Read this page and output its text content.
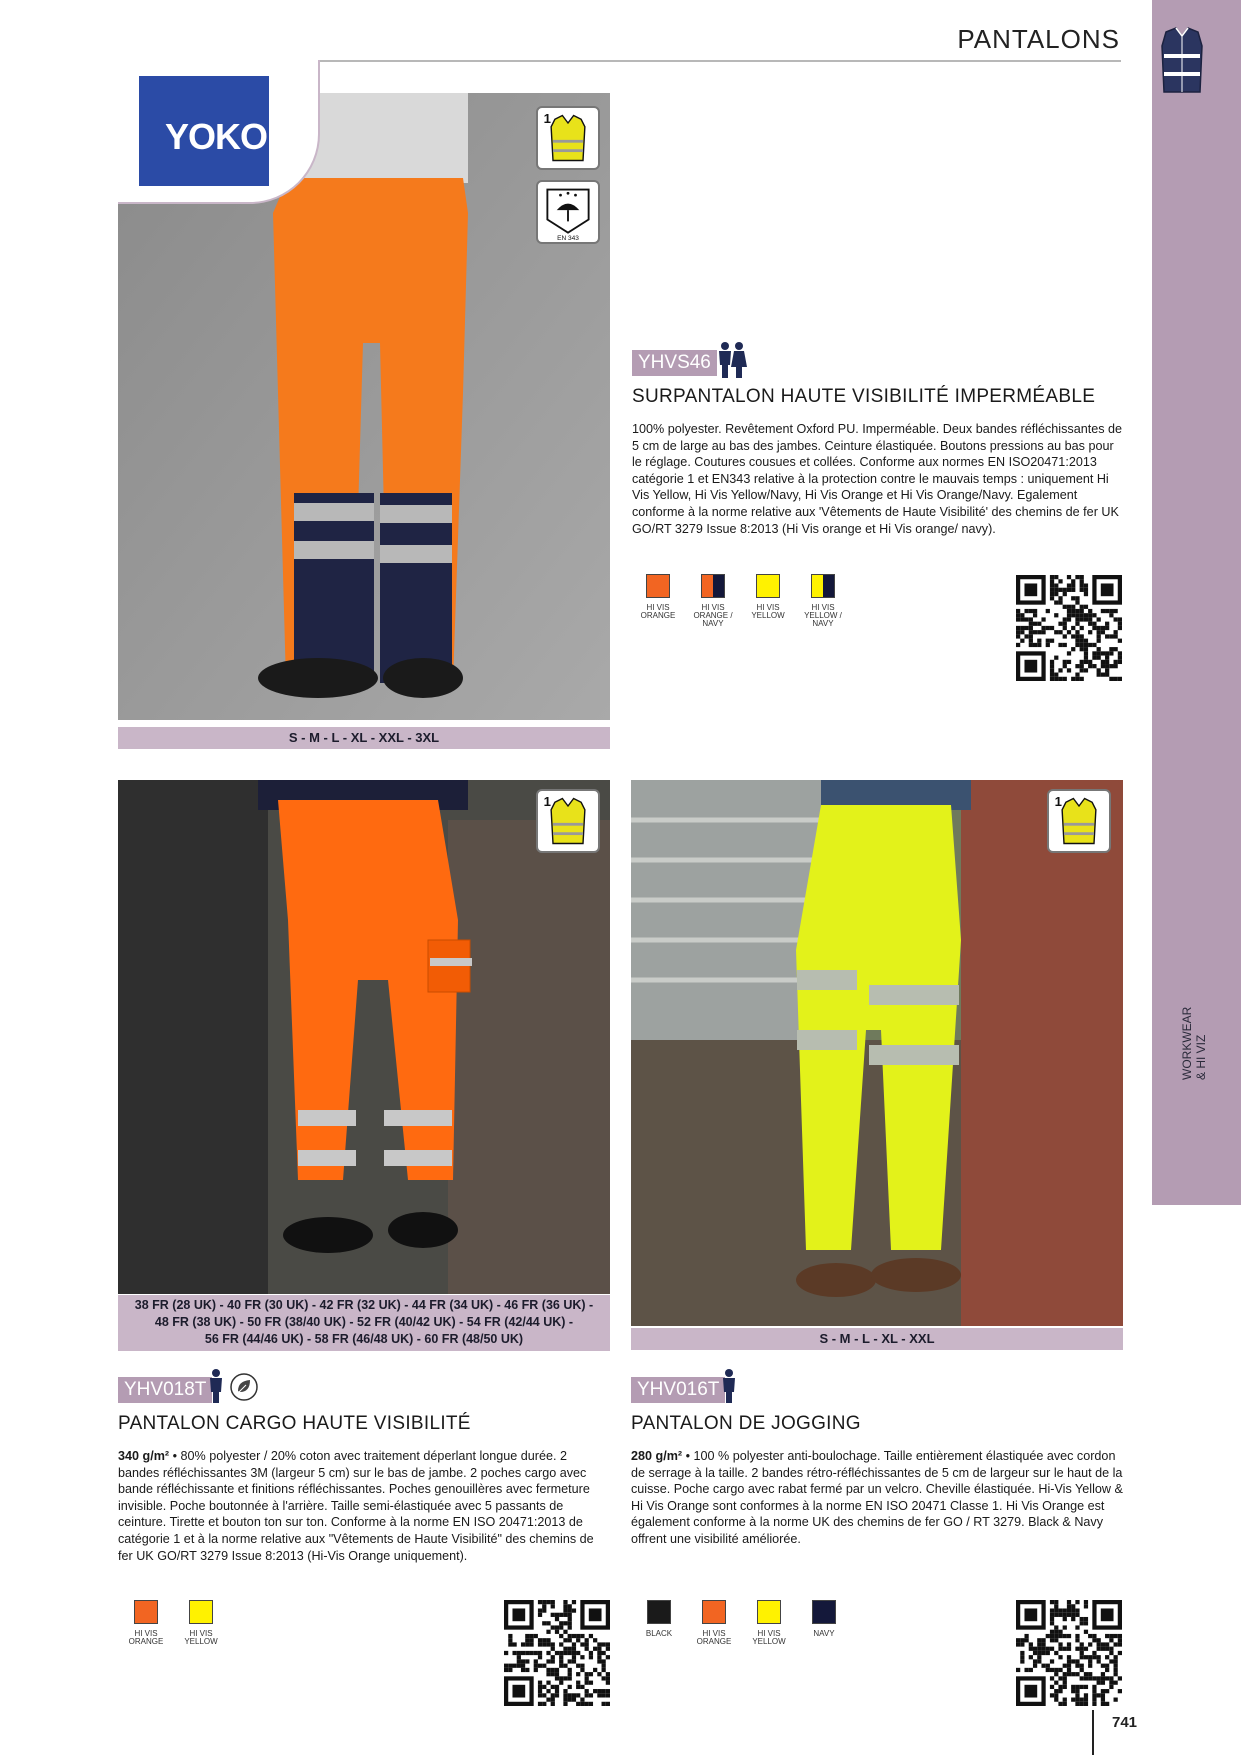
WORKWEAR & HI VIZ
PANTALONS
S - M - L - XL - XXL - 3XL
YOKO	1
EN 343
YHVS46
SURPANTALON HAUTE VISIBILITÉ IMPERMÉABLE
100% polyester. Revêtement Oxford PU. Imperméable. Deux bandes réfléchissantes de 5 cm de large au bas des jambes. Ceinture élastiquée. Boutons pressions au bas pour le réglage. Coutures cousues et collées. Conforme aux normes EN ISO20471:2013 catégorie 1 et EN343 relative à la protection contre le mauvais temps : uniquement Hi Vis Yellow, Hi Vis Yellow/Navy, Hi Vis Orange et Hi Vis Orange/Navy. Egalement conforme à la norme relative aux 'Vêtements de Haute Visibilité' des chemins de fer UK GO/RT 3279 Issue 8:2013 (Hi Vis orange et Hi Vis orange/ navy).
HI VIS
ORANGE
HI VIS
ORANGE /
NAVY
HI VIS
YELLOW
HI VIS
YELLOW /
NAVY
1
38 FR (28 UK) - 40 FR (30 UK) - 42 FR (32 UK) - 44 FR (34 UK) - 46 FR (36 UK) -
48 FR (38 UK) - 50 FR (38/40 UK) - 52 FR (40/42 UK) - 54 FR (42/44 UK) -
56 FR (44/46 UK) - 58 FR (46/48 UK) - 60 FR (48/50 UK)
1
S - M - L - XL - XXL
YHV018T
PANTALON CARGO HAUTE VISIBILITÉ
340 g/m² • 80% polyester / 20% coton avec traitement déperlant longue durée. 2 bandes réfléchissantes 3M (largeur 5 cm) sur le bas de jambe. 2 poches cargo avec bande réfléchissante et finitions réfléchissantes. Poches genouillères avec fermeture invisible. Poche boutonnée à l'arrière. Taille semi-élastiquée avec 5 passants de ceinture. Tirette et bouton ton sur ton. Conforme à la norme EN ISO 20471:2013 de catégorie 1 et à la norme relative aux "Vêtements de Haute Visibilité" des chemins de fer UK GO/RT 3279 Issue 8:2013 (Hi-Vis Orange uniquement).
HI VIS
ORANGE
HI VIS
YELLOW
YHV016T
PANTALON DE JOGGING
280 g/m² • 100 % polyester anti-boulochage. Taille entièrement élastiquée avec cordon de serrage à la taille. 2 bandes rétro-réfléchissantes de 5 cm de largeur sur le haut de la cuisse. Poche cargo avec rabat fermé par un velcro. Cheville élastiquée. Hi-Vis Yellow & Hi Vis Orange sont conformes à la norme EN ISO 20471 Classe 1. Hi Vis Orange est également conforme à la norme UK des chemins de fer GO / RT 3279. Black & Navy offrent une visibilité améliorée.
BLACK	HI VIS
ORANGE
HI VIS
YELLOW
NAVY
741
